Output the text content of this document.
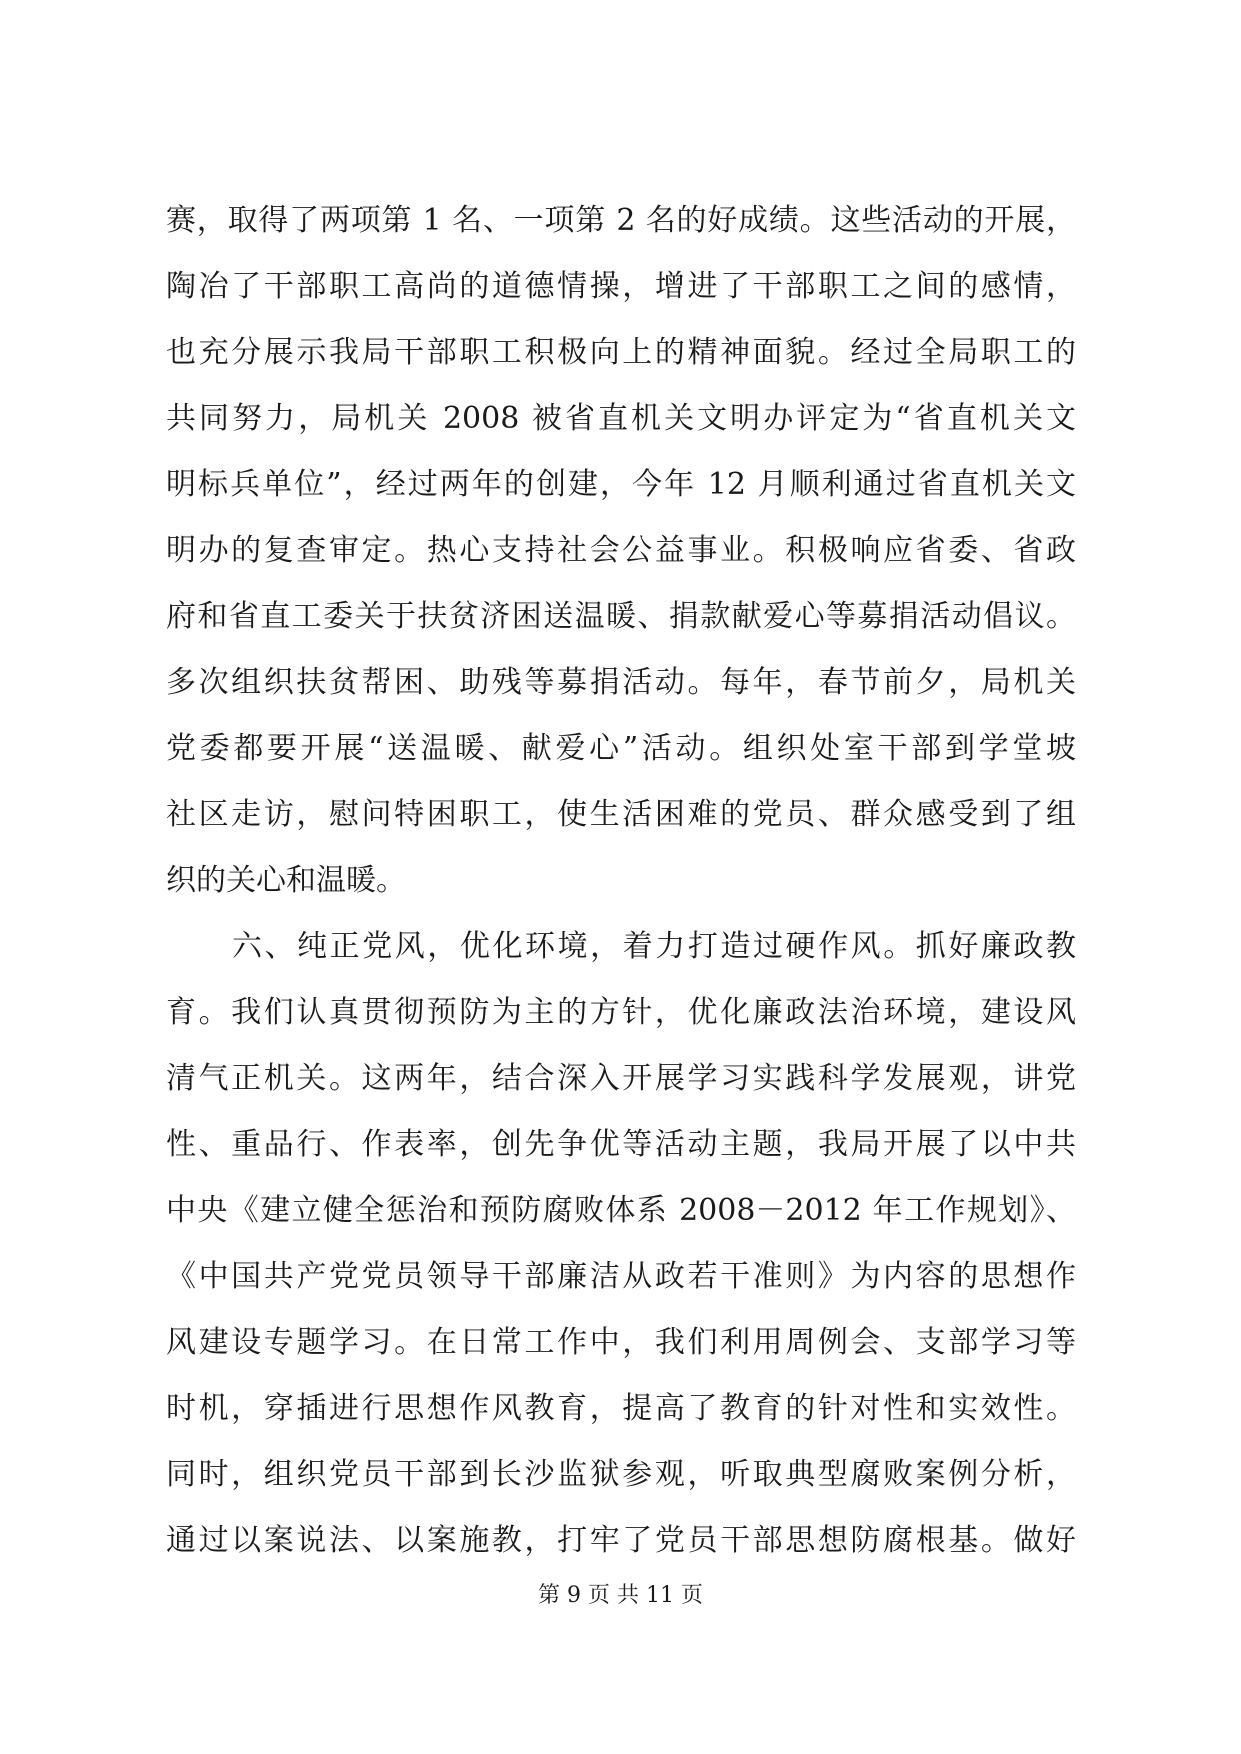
赛，取得了两项第 1 名、一项第 2 名的好成绩。这些活动的开展，
陶冶了干部职工高尚的道德情操，增进了干部职工之间的感情，
也充分展示我局干部职工积极向上的精神面貌。经过全局职工的
共同努力，局机关 2008 被省直机关文明办评定为“省直机关文
明标兵单位”，经过两年的创建，今年 12 月顺利通过省直机关文
明办的复查审定。热心支持社会公益事业。积极响应省委、省政
府和省直工委关于扶贫济困送温暖、捐款献爱心等募捐活动倡议。
多次组织扶贫帮困、助残等募捐活动。每年，春节前夕，局机关
党委都要开展“送温暖、献爱心”活动。组织处室干部到学堂坡
社区走访，慰问特困职工，使生活困难的党员、群众感受到了组
织的关心和温暖。
六、纯正党风，优化环境，着力打造过硬作风。抓好廉政教
育。我们认真贯彻预防为主的方针，优化廉政法治环境，建设风
清气正机关。这两年，结合深入开展学习实践科学发展观，讲党
性、重品行、作表率，创先争优等活动主题，我局开展了以中共
中央《建立健全惩治和预防腐败体系 2008－2012 年工作规划》、
《中国共产党党员领导干部廉洁从政若干准则》为内容的思想作
风建设专题学习。在日常工作中，我们利用周例会、支部学习等
时机，穿插进行思想作风教育，提高了教育的针对性和实效性。
同时，组织党员干部到长沙监狱参观，听取典型腐败案例分析，
通过以案说法、以案施教，打牢了党员干部思想防腐根基。做好
第 9 页 共 11 页
